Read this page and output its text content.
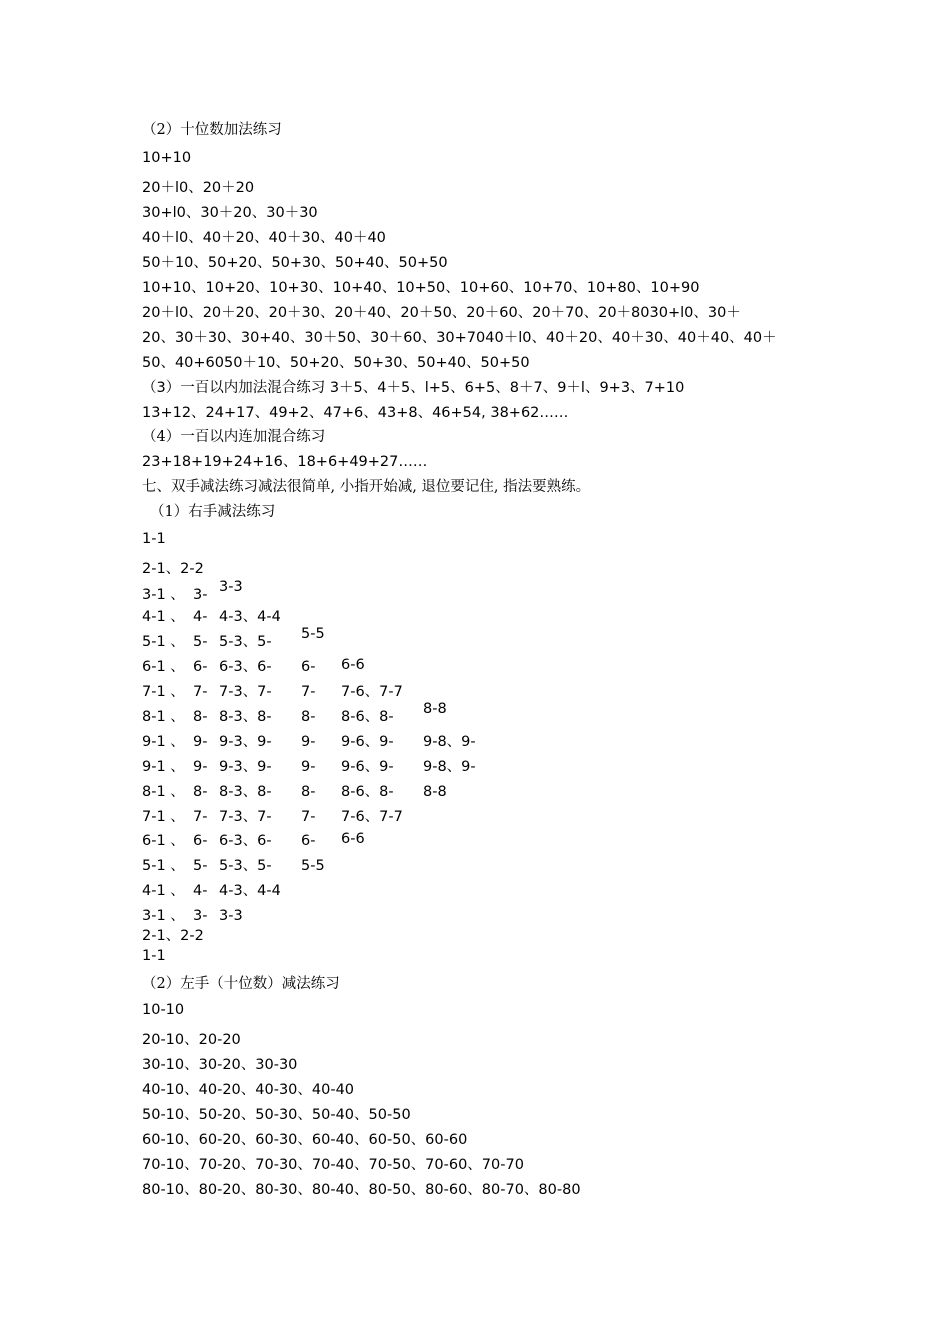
（2）十位数加法练习
10+10
20＋l0、20＋20
30+l0、30＋20、30＋30
40＋l0、40＋20、40＋30、40＋40
50＋10、50+20、50+30、50+40、50+50
10+10、10+20、10+30、10+40、10+50、10+60、10+70、10+80、10+90
20＋l0、20＋20、20＋30、20＋40、20＋50、20＋60、20＋70、20＋8030+l0、30＋
20、30＋30、30+40、30＋50、30＋60、30+7040＋l0、40＋20、40＋30、40＋40、40＋
50、40+6050＋10、50+20、50+30、50+40、50+50
（3）一百以内加法混合练习 3＋5、4＋5、l+5、6+5、8＋7、9＋l、9+3、7+10
13+12、24+17、49+2、47+6、43+8、46+54, 38+62……
（4）一百以内连加混合练习
23+18+19+24+16、18+6+49+27……
七、双手减法练习减法很简单, 小指开始减, 退位要记住, 指法要熟练。
（1）右手减法练习
1-1
2-1、2-2
3-1 、 3- 3-3
4-1 、 4- 4-3、4-4
5-1 、 5- 5-3、5- 5-5
6-1 、 6- 6-3、6- 6- 6-6
7-1 、 7- 7-3、7- 7- 7-6、7-7
8-1 、 8- 8-3、8- 8- 8-6、8- 8-8
9-1 、 9- 9-3、9- 9- 9-6、9- 9-8、9-
9-1 、 9- 9-3、9- 9- 9-6、9- 9-8、9-
8-1 、 8- 8-3、8- 8- 8-6、8- 8-8
7-1 、 7- 7-3、7- 7- 7-6、7-7
6-1 、 6- 6-3、6- 6- 6-6
5-1 、 5- 5-3、5- 5-5
4-1 、 4- 4-3、4-4
3-1 、 3- 3-3
2-1、2-2
1-1
（2）左手（十位数）减法练习
10-10
20-10、20-20
30-10、30-20、30-30
40-10、40-20、40-30、40-40
50-10、50-20、50-30、50-40、50-50
60-10、60-20、60-30、60-40、60-50、60-60
70-10、70-20、70-30、70-40、70-50、70-60、70-70
80-10、80-20、80-30、80-40、80-50、80-60、80-70、80-80
